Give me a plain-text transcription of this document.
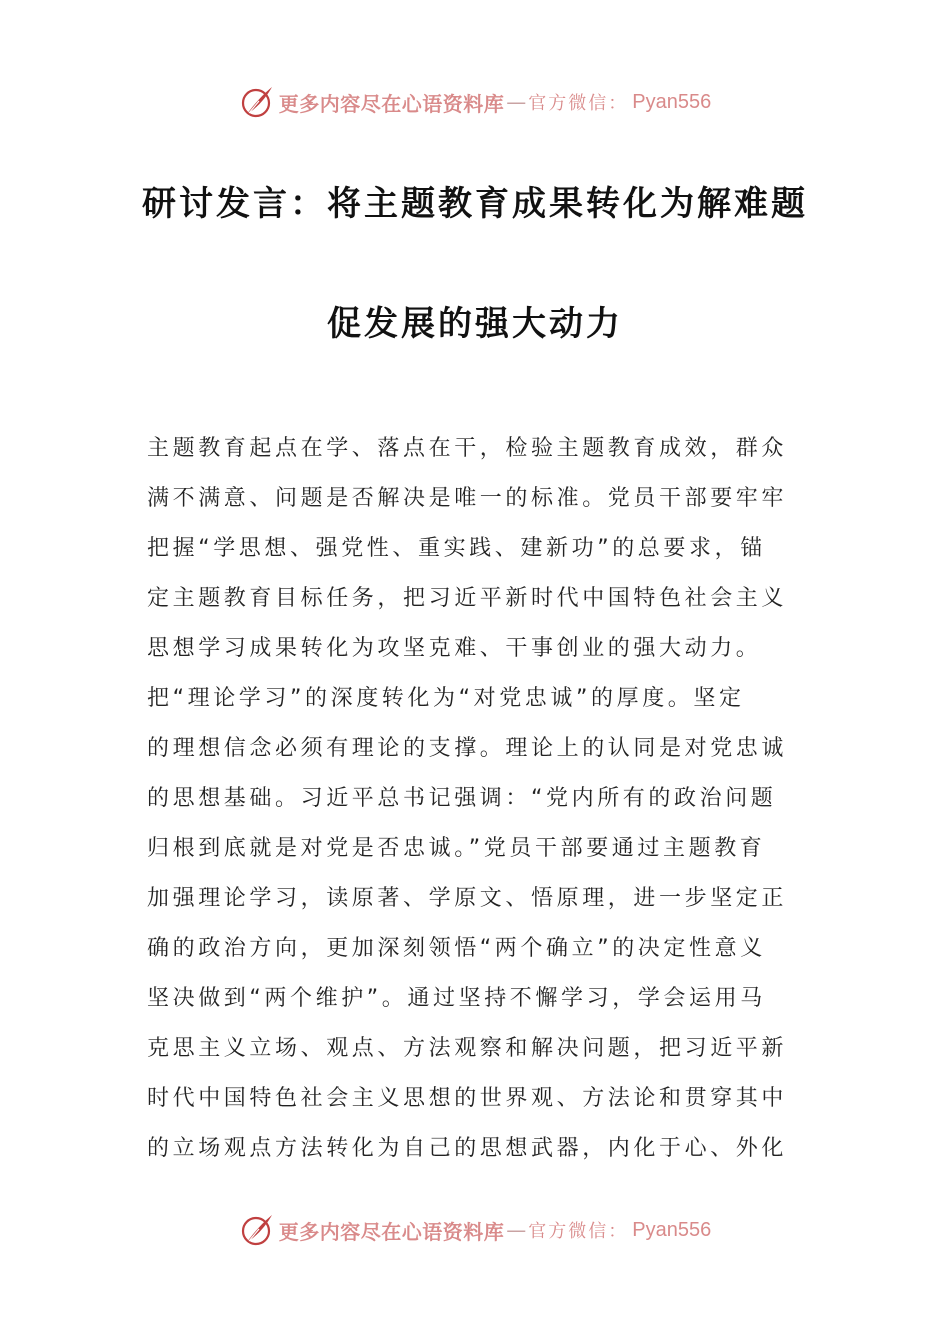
更多内容尽在心语资料库 — 官方微信： Pyan556
研讨发言：将主题教育成果转化为解难题
促发展的强大动力
主题教育起点在学、落点在干，检验主题教育成效，群众
满不满意、问题是否解决是唯一的标准。党员干部要牢牢
把握“学思想、强党性、重实践、建新功”的总要求，锚
定主题教育目标任务，把习近平新时代中国特色社会主义
思想学习成果转化为攻坚克难、干事创业的强大动力。
把“理论学习”的深度转化为“对党忠诚”的厚度。坚定
的理想信念必须有理论的支撑。理论上的认同是对党忠诚
的思想基础。习近平总书记强调：“党内所有的政治问题
归根到底就是对党是否忠诚。”党员干部要通过主题教育
加强理论学习，读原著、学原文、悟原理，进一步坚定正
确的政治方向，更加深刻领悟“两个确立”的决定性意义
坚决做到“两个维护”。通过坚持不懈学习，学会运用马
克思主义立场、观点、方法观察和解决问题，把习近平新
时代中国特色社会主义思想的世界观、方法论和贯穿其中
的立场观点方法转化为自己的思想武器，内化于心、外化
更多内容尽在心语资料库 — 官方微信： Pyan556
